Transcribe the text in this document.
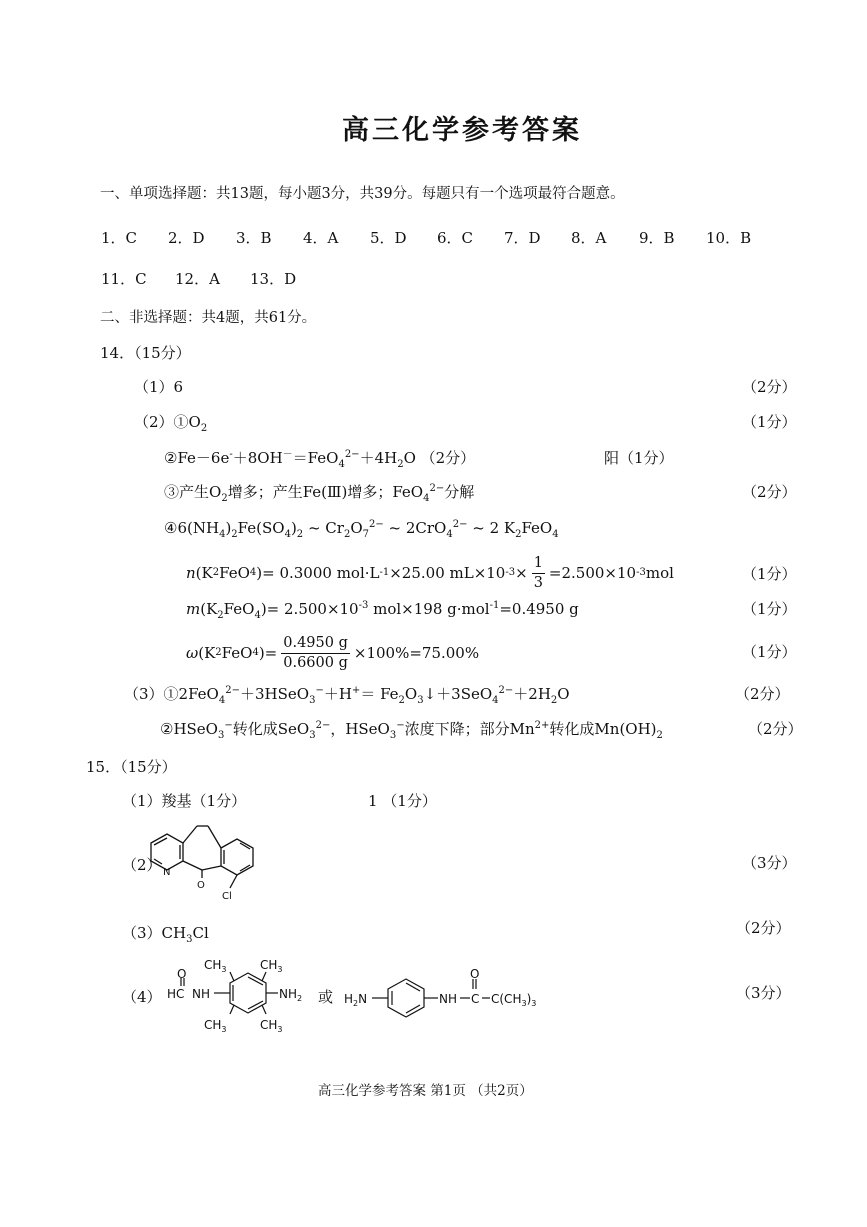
高三化学参考答案
一、单项选择题：共13题，每小题3分，共39分。每题只有一个选项最符合题意。
1．C 2．D 3．B 4．A 5．D 6．C 7．D 8．A 9．B 10．B
11．C 12．A 13．D
二、非选择题：共4题，共61分。
14．（15分）
（1）6	（2分）
$(2)①O_2$	（1分）
$②Fe-6e^-+8OH^-=FeO_4^{2-}+4H_2O$ （2分）	阳（1分）
③产生$O_2$增多；产生Fe(Ⅲ)增多；FeO$_4^{2-}$分解	（2分）
$④6(NH_4)_2Fe(SO_4)_2$ ~ $Cr_2O_7^{2-}$ ~ 2CrO$_4^{2-}$ ~ 2 $K_2FeO_4$
n (K 2 FeO 4 )= 0.3000 mol·L -1 ×25.00 mL×10 $-3 \times \frac{1}{3} =2.500\times 10$ -3 mol	（1分）
$m(K_2FeO_4)= 2.500\times 10^{-3}$ mol×198 g·mol$^{-1}$=0.4950 g	（1分）
ω (K 2 FeO 4 )= $\frac{0.4950 g}{0.6600 g} \times 100\%=75.00\%$	（1分）
（3）①2FeO$_4^{2-}$＋3HSeO$_3$−＋H+＝ $Fe_2O_3↓+3SeO_4^{2-}+2H_2O$	（2分）
②HSeO$_3$−转化成SeO$_3^{2-}$，HSeO$_3$−浓度下降；部分$Mn^{2+}$转化成$Mn(OH)_2$	（2分）
15．（15分）
（1）羧基（1分）	1 （1分）
（2）	（3分）
N
O
Cl
$(3)CH_3Cl$	（2分）
（4）	（3分）
或
O
HC NH	$NH_2$
$CH_3$	$CH_3$
$CH_3$	$CH_3$
$H_2N$	NH C
O
$C(CH_3)_3$
高三化学参考答案 第1页 （共2页）
